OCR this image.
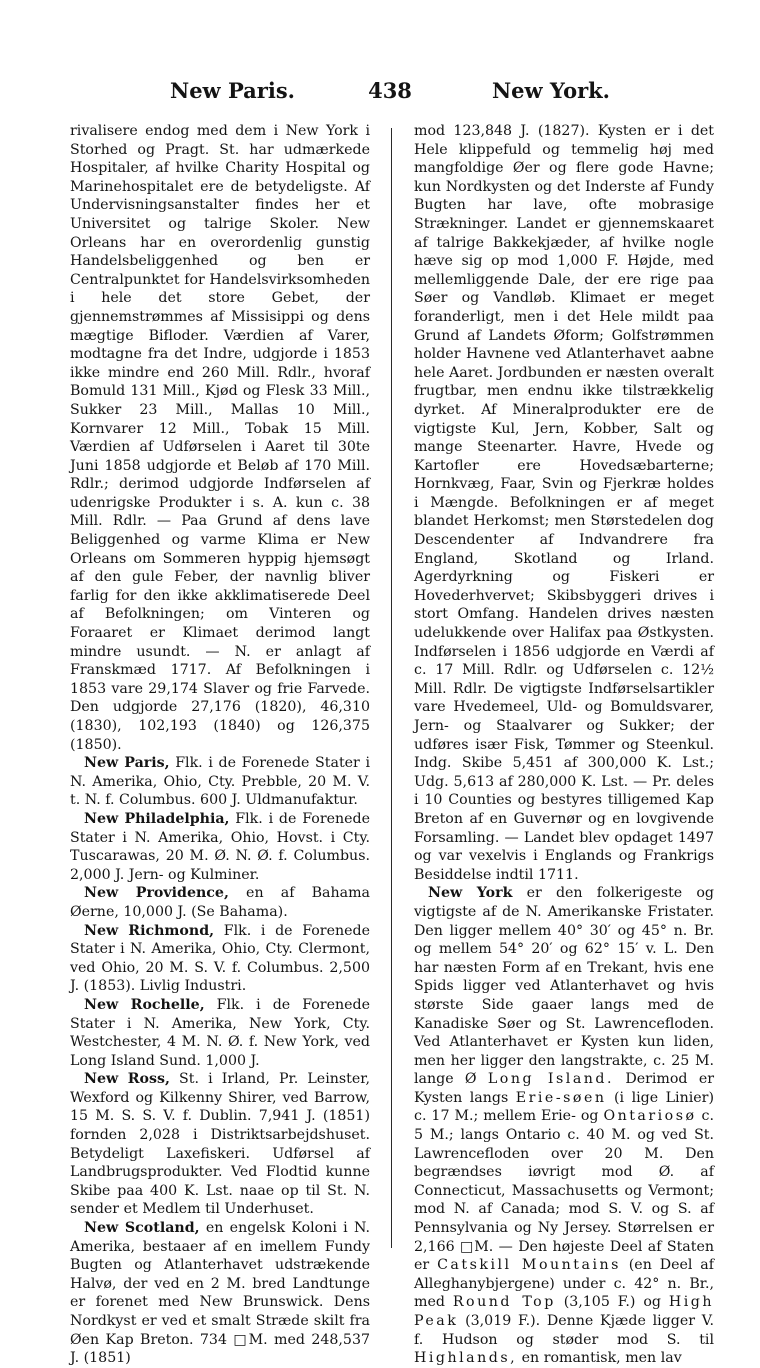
New Paris.	438	New York.

rivalisere endog med dem i New York i Storhed og Pragt. St. har udmærkede Hospitaler, af hvilke Charity Hospital og Marinehospitalet ere de betydeligste. Af Undervisningsanstalter findes her et Universitet og talrige Skoler. New Orleans har en overordenlig gunstig Handelsbeliggenhed og ben er Centralpunktet for Handelsvirksomheden i hele det store Gebet, der gjennemstrømmes af Missisippi og dens mægtige Bifloder. Værdien af Varer, modtagne fra det Indre, udgjorde i 1853 ikke mindre end 260 Mill. Rdlr., hvoraf Bomuld 131 Mill., Kjød og Flesk 33 Mill., Sukker 23 Mill., Mallas 10 Mill., Kornvarer 12 Mill., Tobak 15 Mill. Værdien af Udførselen i Aaret til 30te Juni 1858 udgjorde et Beløb af 170 Mill. Rdlr.; derimod udgjorde Indførselen af udenrigske Produkter i s. A. kun c. 38 Mill. Rdlr. — Paa Grund af dens lave Beliggenhed og varme Klima er New Orleans om Sommeren hyppig hjemsøgt af den gule Feber, der navnlig bliver farlig for den ikke akklimatiserede Deel af Befolkningen; om Vinteren og Foraaret er Klimaet derimod langt mindre usundt. — N. er anlagt af Franskmæd 1717. Af Befolkningen i 1853 vare 29,174 Slaver og frie Farvede. Den udgjorde 27,176 (1820), 46,310 (1830), 102,193 (1840) og 126,375 (1850).

New Paris, Flk. i de Forenede Stater i N. Amerika, Ohio, Cty. Prebble, 20 M. V. t. N. f. Columbus. 600 J. Uldmanufaktur.

New Philadelphia, Flk. i de Forenede Stater i N. Amerika, Ohio, Hovst. i Cty. Tuscarawas, 20 M. Ø. N. Ø. f. Columbus. 2,000 J. Jern- og Kulminer.

New Providence, en af Bahama Øerne, 10,000 J. (Se Bahama).

New Richmond, Flk. i de Forenede Stater i N. Amerika, Ohio, Cty. Clermont, ved Ohio, 20 M. S. V. f. Columbus. 2,500 J. (1853). Livlig Industri.

New Rochelle, Flk. i de Forenede Stater i N. Amerika, New York, Cty. Westchester, 4 M. N. Ø. f. New York, ved Long Island Sund. 1,000 J.

New Ross, St. i Irland, Pr. Leinster, Wexford og Kilkenny Shirer, ved Barrow, 15 M. S. S. V. f. Dublin. 7,941 J. (1851) fornden 2,028 i Distriktsarbejdshuset. Betydeligt Laxefiskeri. Udførsel af Landbrugsprodukter. Ved Flodtid kunne Skibe paa 400 K. Lst. naae op til St. N. sender et Medlem til Underhuset.

New Scotland, en engelsk Koloni i N. Amerika, bestaaer af en imellem Fundy Bugten og Atlanterhavet udstrækende Halvø, der ved en 2 M. bred Landtunge er forenet med New Brunswick. Dens Nordkyst er ved et smalt Stræde skilt fra Øen Kap Breton. 734 □M. med 248,537 J. (1851)

mod 123,848 J. (1827). Kysten er i det Hele klippefuld og temmelig høj med mangfoldige Øer og flere gode Havne; kun Nordkysten og det Inderste af Fundy Bugten har lave, ofte mobrasige Strækninger. Landet er gjennemskaaret af talrige Bakkekjæder, af hvilke nogle hæve sig op mod 1,000 F. Højde, med mellemliggende Dale, der ere rige paa Søer og Vandløb. Klimaet er meget foranderligt, men i det Hele mildt paa Grund af Landets Øform; Golfstrømmen holder Havnene ved Atlanterhavet aabne hele Aaret. Jordbunden er næsten overalt frugtbar, men endnu ikke tilstrækkelig dyrket. Af Mineralprodukter ere de vigtigste Kul, Jern, Kobber, Salt og mange Steenarter. Havre, Hvede og Kartofler ere Hovedsæbarterne; Hornkvæg, Faar, Svin og Fjerkræ holdes i Mængde. Befolkningen er af meget blandet Herkomst; men Størstedelen dog Descendenter af Indvandrere fra England, Skotland og Irland. Agerdyrkning og Fiskeri er Hovederhvervet; Skibsbyggeri drives i stort Omfang. Handelen drives næsten udelukkende over Halifax paa Østkysten. Indførselen i 1856 udgjorde en Værdi af c. 17 Mill. Rdlr. og Udførselen c. 12½ Mill. Rdlr. De vigtigste Indførselsartikler vare Hvedemeel, Uld- og Bomuldsvarer, Jern- og Staalvarer og Sukker; der udføres især Fisk, Tømmer og Steenkul. Indg. Skibe 5,451 af 300,000 K. Lst.; Udg. 5,613 af 280,000 K. Lst. — Pr. deles i 10 Counties og bestyres tilligemed Kap Breton af en Guvernør og en lovgivende Forsamling. — Landet blev opdaget 1497 og var vexelvis i Englands og Frankrigs Besiddelse indtil 1711.

New York er den folkerigeste og vigtigste af de N. Amerikanske Fristater. Den ligger mellem 40° 30′ og 45° n. Br. og mellem 54° 20′ og 62° 15′ v. L. Den har næsten Form af en Trekant, hvis ene Spids ligger ved Atlanterhavet og hvis største Side gaaer langs med de Kanadiske Søer og St. Lawrencefloden. Ved Atlanterhavet er Kysten kun liden, men her ligger den langstrakte, c. 25 M. lange Ø Long Island. Derimod er Kysten langs Erie-søen (i lige Linier) c. 17 M.; mellem Erie- og Ontariosø c. 5 M.; langs Ontario c. 40 M. og ved St. Lawrencefloden over 20 M. Den begrændses iøvrigt mod Ø. af Connecticut, Massachusetts og Vermont; mod N. af Canada; mod S. V. og S. af Pennsylvania og Ny Jersey. Størrelsen er 2,166 □M. — Den højeste Deel af Staten er Catskill Mountains (en Deel af Alleghanybjergene) under c. 42° n. Br., med Round Top (3,105 F.) og High Peak (3,019 F.). Denne Kjæde ligger V. f. Hudson og støder mod S. til Highlands, en romantisk, men lav
